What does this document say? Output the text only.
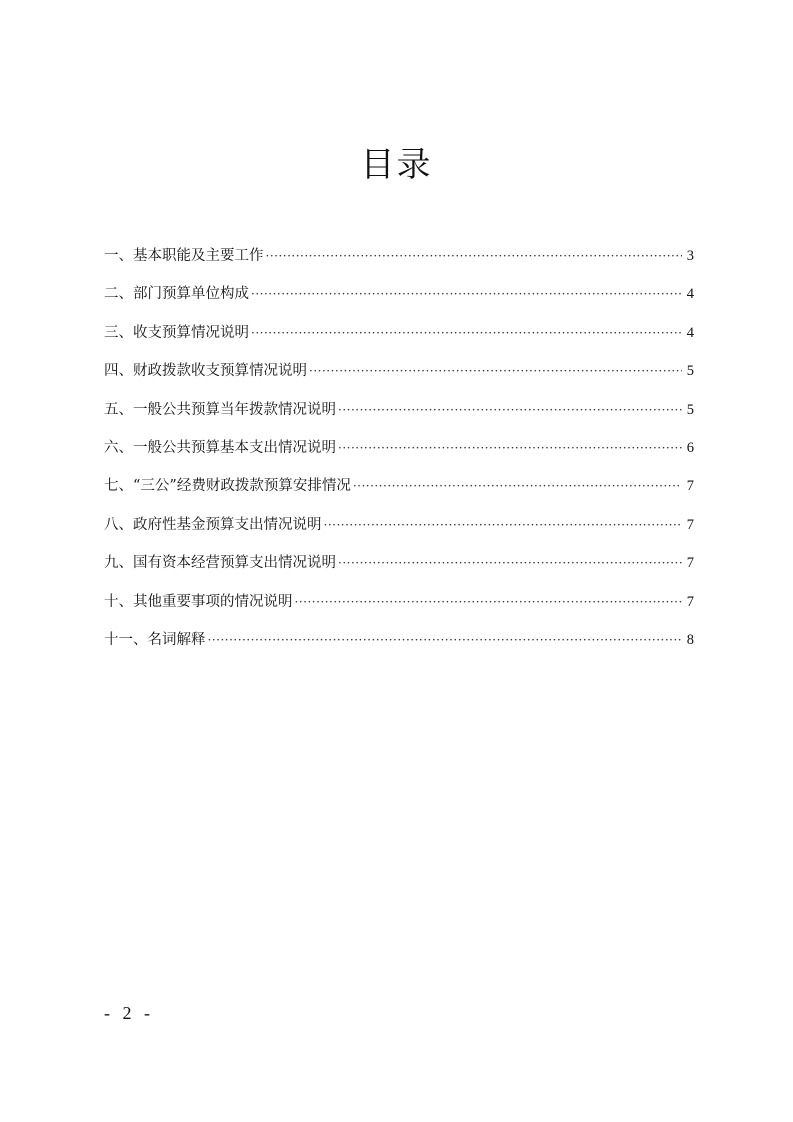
目录
一、基本职能及主要工作 ·····	3
二、部门预算单位构成 ·····	4
三、收支预算情况说明 ·····	4
四、财政拨款收支预算情况说明 ·····	5
五、一般公共预算当年拨款情况说明 ·····	5
六、一般公共预算基本支出情况说明 ·····	6
七、“三公”经费财政拨款预算安排情况 ·····	7
八、政府性基金预算支出情况说明 ·····	7
九、国有资本经营预算支出情况说明 ·····	7
十、其他重要事项的情况说明 ·····	7
十一、名词解释 ·····	8
- 2 -
